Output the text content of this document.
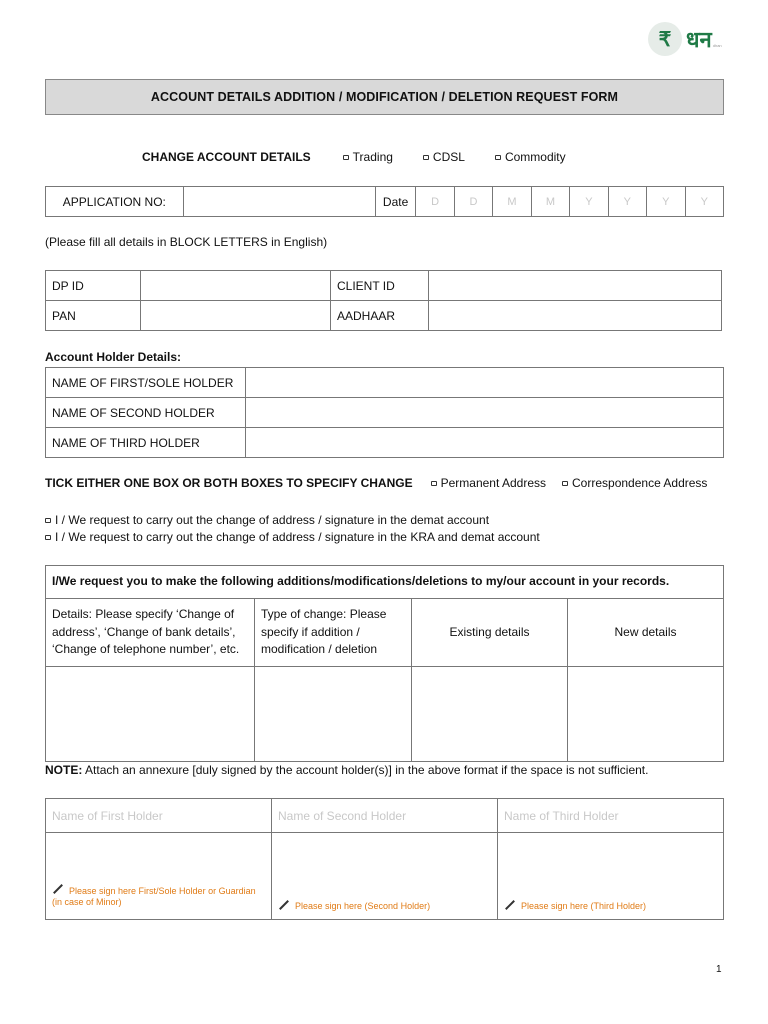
₹ धन dhan
ACCOUNT DETAILS ADDITION / MODIFICATION / DELETION REQUEST FORM
CHANGE ACCOUNT DETAILS	Trading	CDSL	Commodity
APPLICATION NO:		Date	D	D	M	M	Y	Y	Y	Y
(Please fill all details in BLOCK LETTERS in English)
DP ID		CLIENT ID	
PAN		AADHAAR	
Account Holder Details:
NAME OF FIRST/SOLE HOLDER	
NAME OF SECOND HOLDER	
NAME OF THIRD HOLDER	
TICK EITHER ONE BOX OR BOTH BOXES TO SPECIFY CHANGE Permanent Address Correspondence Address
I / We request to carry out the change of address / signature in the demat account
I / We request to carry out the change of address / signature in the KRA and demat account
I/We request you to make the following additions/modifications/deletions to my/our account in your records.			
Details: Please specify ‘Change of address’, ‘Change of bank details’, ‘Change of telephone number’, etc.	Type of change: Please specify if addition / modification / deletion	Existing details	New details

NOTE: Attach an annexure [duly signed by the account holder(s)] in the above format if the space is not sufficient.
Name of First Holder	Name of Second Holder	Name of Third Holder
Please sign here First/Sole Holder or Guardian (in case of Minor)	Please sign here (Second Holder)	Please sign here (Third Holder)
1
